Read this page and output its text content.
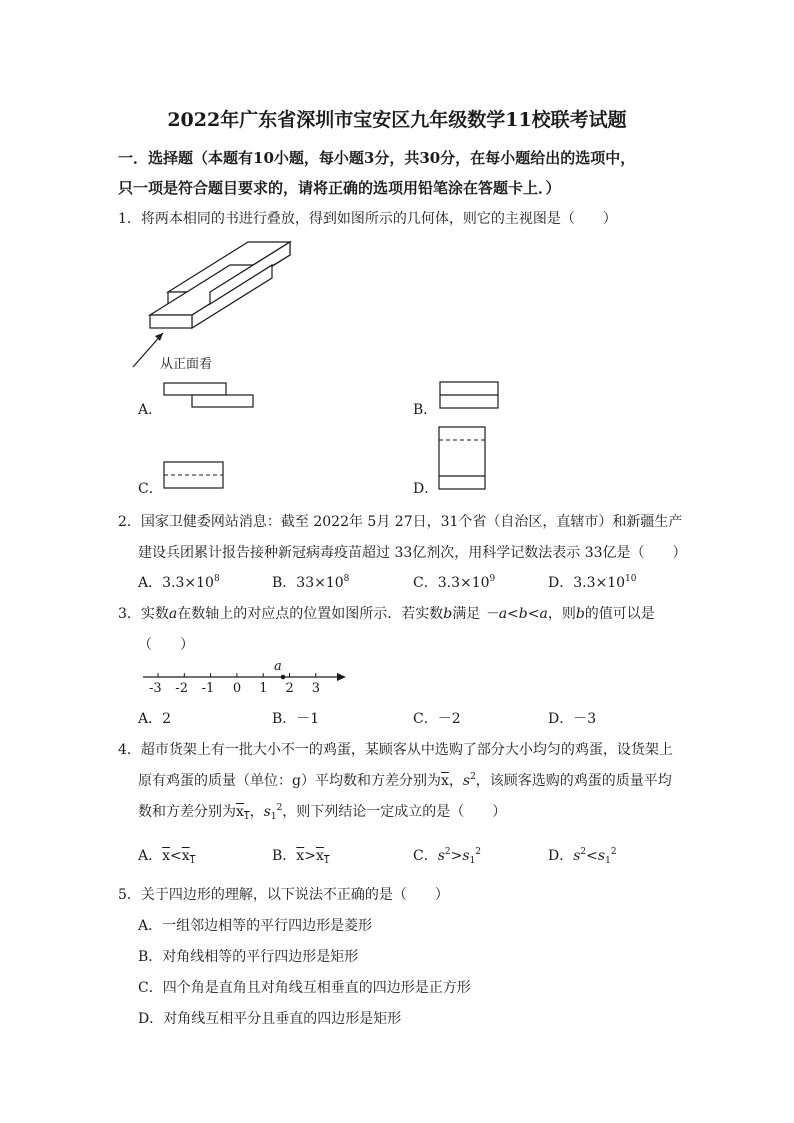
2022年广东省深圳市宝安区九年级数学11校联考试题
一．选择题（本题有10小题，每小题3分，共30分，在每小题给出的选项中，
只一项是符合题目要求的，请将正确的选项用铅笔涂在答题卡上．）
1．将两本相同的书进行叠放，得到如图所示的几何体，则它的主视图是（　　）
从正面看
A．	B．
C．	D．
2．国家卫健委网站消息：截至 2022年 5月 27日，31个省（自治区，直辖市）和新疆生产
建设兵团累计报告接种新冠病毒疫苗超过 33亿剂次，用科学记数法表示 33亿是（　　）
A．$3.3\times 10^8$	B．$33\times 10^8$	C．$3.3\times 10^9$	D．$3.3\times 10^{10}$
3．实数a在数轴上的对应点的位置如图所示．若实数b满足 －a<b<a，则b的值可以是
（　　）
a
-3 -2 -1 0 1 2 3
A．2	B．－1	C．－2	D．－3
4．超市货架上有一批大小不一的鸡蛋，某顾客从中选购了部分大小均匀的鸡蛋，设货架上
原有鸡蛋的质量（单位：g）平均数和方差分别为$\overline{x}$，$s^2$，该顾客选购的鸡蛋的质量平均
数和方差分别为$x_1$，$s_1^2$，则下列结论一定成立的是（　　）
A．$\overline{x}<x_1$	B．$\overline{x}>x_1$	C．$s^2>s_1^2$	D．$s^2<s_1^2$
5．关于四边形的理解，以下说法不正确的是（　　）
A．一组邻边相等的平行四边形是菱形
B．对角线相等的平行四边形是矩形
C．四个角是直角且对角线互相垂直的四边形是正方形
D．对角线互相平分且垂直的四边形是矩形
